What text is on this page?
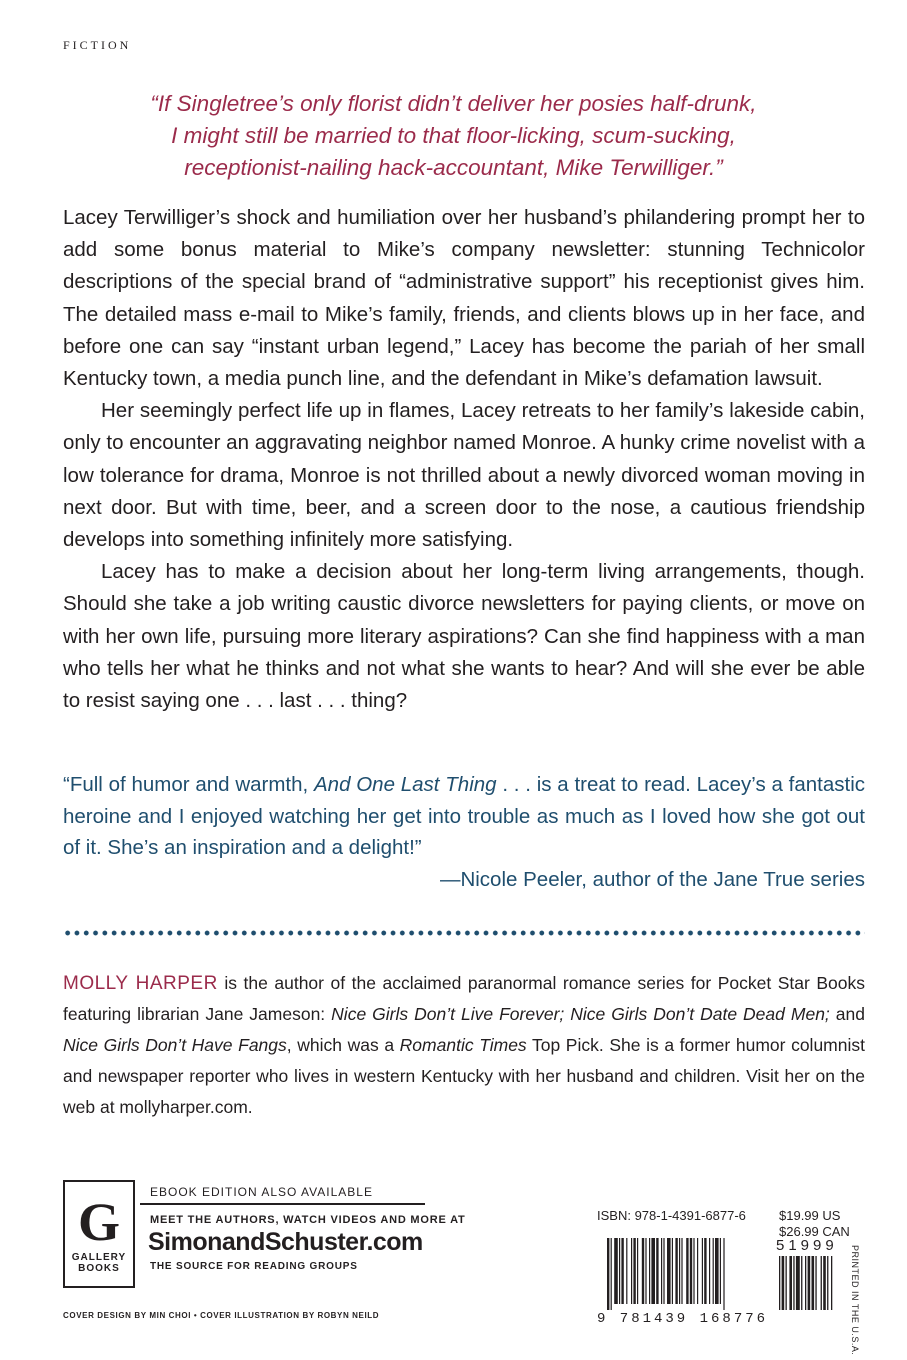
FICTION
“If Singletree’s only florist didn’t deliver her posies half-drunk,
I might still be married to that floor-licking, scum-sucking,
receptionist-nailing hack-accountant, Mike Terwilliger.”

Lacey Terwilliger’s shock and humiliation over her husband’s philandering prompt her to add some bonus material to Mike’s company newsletter: stunning Technicolor descriptions of the special brand of “administrative support” his receptionist gives him. The detailed mass e-mail to Mike’s family, friends, and clients blows up in her face, and before one can say “instant urban legend,” Lacey has become the pariah of her small Kentucky town, a media punch line, and the defendant in Mike’s defamation lawsuit.

Her seemingly perfect life up in flames, Lacey retreats to her family’s lakeside cabin, only to encounter an aggravating neighbor named Monroe. A hunky crime novelist with a low tolerance for drama, Monroe is not thrilled about a newly divorced woman moving in next door. But with time, beer, and a screen door to the nose, a cautious friendship develops into something infinitely more satisfying.

Lacey has to make a decision about her long-term living arrangements, though. Should she take a job writing caustic divorce newsletters for paying clients, or move on with her own life, pursuing more literary aspirations? Can she find happiness with a man who tells her what he thinks and not what she wants to hear? And will she ever be able to resist saying one . . . last . . . thing?

“Full of humor and warmth, And One Last Thing . . . is a treat to read. Lacey’s a fantastic heroine and I enjoyed watching her get into trouble as much as I loved how she got out of it. She’s an inspiration and a delight!”

—Nicole Peeler, author of the Jane True series

MOLLY HARPER is the author of the acclaimed paranormal romance series for Pocket Star Books featuring librarian Jane Jameson: Nice Girls Don’t Live Forever; Nice Girls Don’t Date Dead Men; and Nice Girls Don’t Have Fangs, which was a Romantic Times Top Pick. She is a former humor columnist and newspaper reporter who lives in western Kentucky with her husband and children. Visit her on the web at mollyharper.com.
G
GALLERY
BOOKS
EBOOK EDITION ALSO AVAILABLE
MEET THE AUTHORS, WATCH VIDEOS AND MORE AT
SimonandSchuster.com
THE SOURCE FOR READING GROUPS
COVER DESIGN BY MIN CHOI • COVER ILLUSTRATION BY ROBYN NEILD
ISBN: 978-1-4391-6877-6	$19.99 US
$26.99 CAN
51999
9 781439 168776	PRINTED IN THE U.S.A.
